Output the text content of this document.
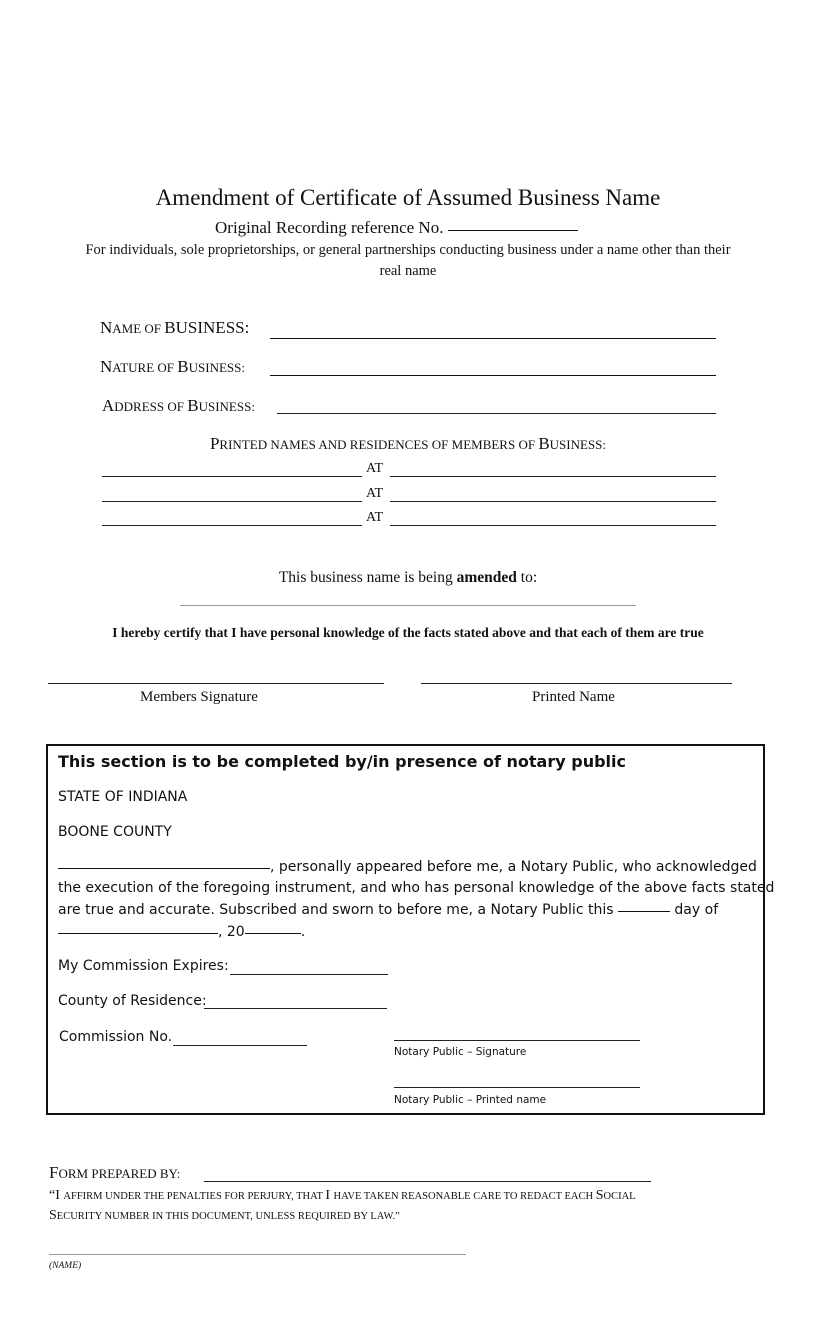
Amendment of Certificate of Assumed Business Name
Original Recording reference No.
For individuals, sole proprietorships, or general partnerships conducting business under a name other than their
real name
NAME OF BUSINESS:
NATURE OF BUSINESS:
ADDRESS OF BUSINESS:
PRINTED NAMES AND RESIDENCES OF MEMBERS OF BUSINESS:
AT
AT
AT
This business name is being amended to:
I hereby certify that I have personal knowledge of the facts stated above and that each of them are true
Members Signature	Printed Name
This section is to be completed by/in presence of notary public
STATE OF INDIANA
BOONE COUNTY
, personally appeared before me, a Notary Public, who acknowledged
the execution of the foregoing instrument, and who has personal knowledge of the above facts stated
are true and accurate. Subscribed and sworn to before me, a Notary Public this	day of
, 20	.
My Commission Expires:
County of Residence:
Commission No.
Notary Public – Signature
Notary Public – Printed name
FORM PREPARED BY:
“I AFFIRM UNDER THE PENALTIES FOR PERJURY, THAT I HAVE TAKEN REASONABLE CARE TO REDACT EACH SOCIAL
SECURITY NUMBER IN THIS DOCUMENT, UNLESS REQUIRED BY LAW.”
(NAME)
